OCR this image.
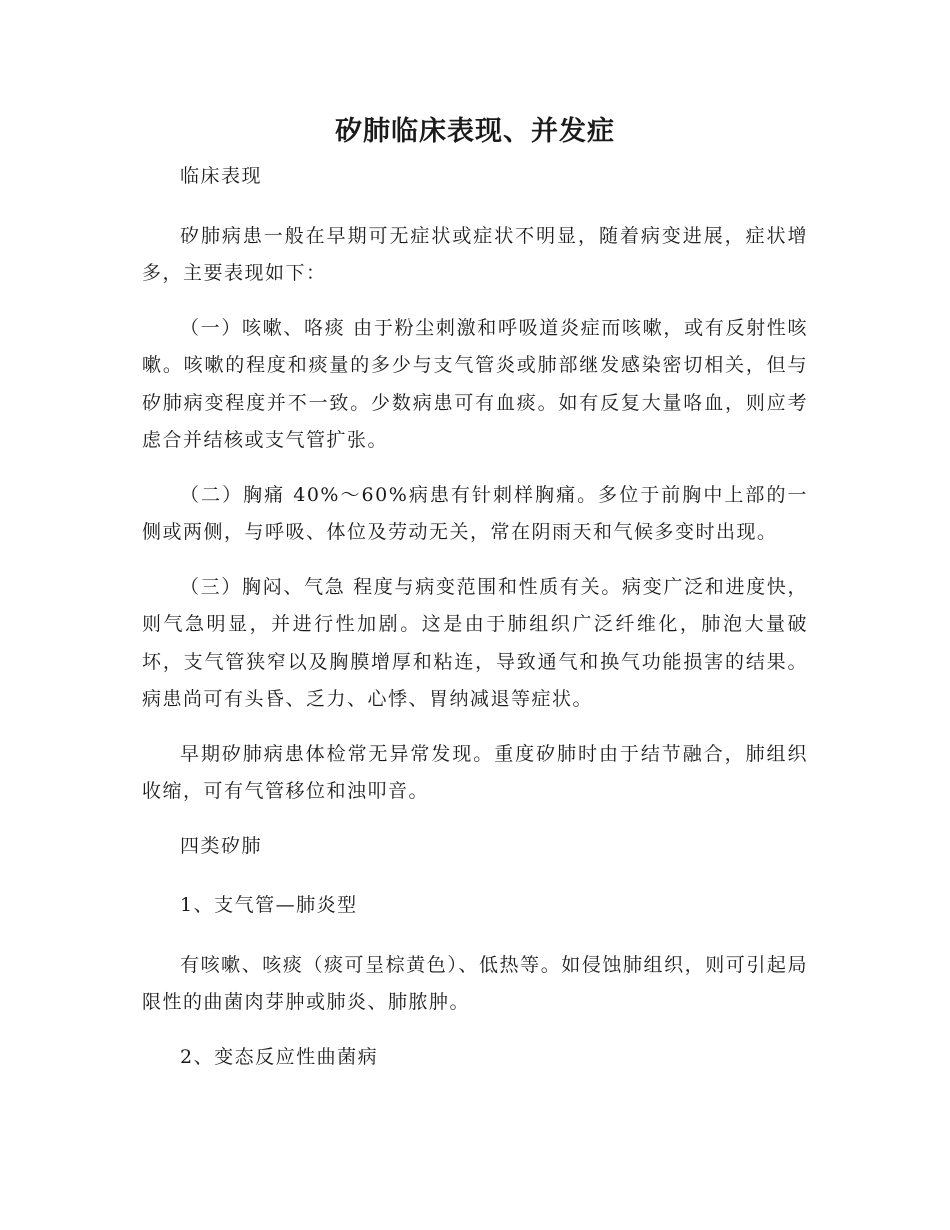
矽肺临床表现、并发症

临床表现

矽肺病患一般在早期可无症状或症状不明显，随着病变进展，症状增多，主要表现如下：

（一）咳嗽、咯痰 由于粉尘刺激和呼吸道炎症而咳嗽，或有反射性咳嗽。咳嗽的程度和痰量的多少与支气管炎或肺部继发感染密切相关，但与矽肺病变程度并不一致。少数病患可有血痰。如有反复大量咯血，则应考虑合并结核或支气管扩张。

（二）胸痛 40%～60%病患有针刺样胸痛。多位于前胸中上部的一侧或两侧，与呼吸、体位及劳动无关，常在阴雨天和气候多变时出现。

（三）胸闷、气急 程度与病变范围和性质有关。病变广泛和进度快，则气急明显，并进行性加剧。这是由于肺组织广泛纤维化，肺泡大量破坏，支气管狭窄以及胸膜增厚和粘连，导致通气和换气功能损害的结果。病患尚可有头昏、乏力、心悸、胃纳减退等症状。

早期矽肺病患体检常无异常发现。重度矽肺时由于结节融合，肺组织收缩，可有气管移位和浊叩音。

四类矽肺

1、支气管—肺炎型

有咳嗽、咳痰（痰可呈棕黄色）、低热等。如侵蚀肺组织，则可引起局限性的曲菌肉芽肿或肺炎、肺脓肿。

2、变态反应性曲菌病
